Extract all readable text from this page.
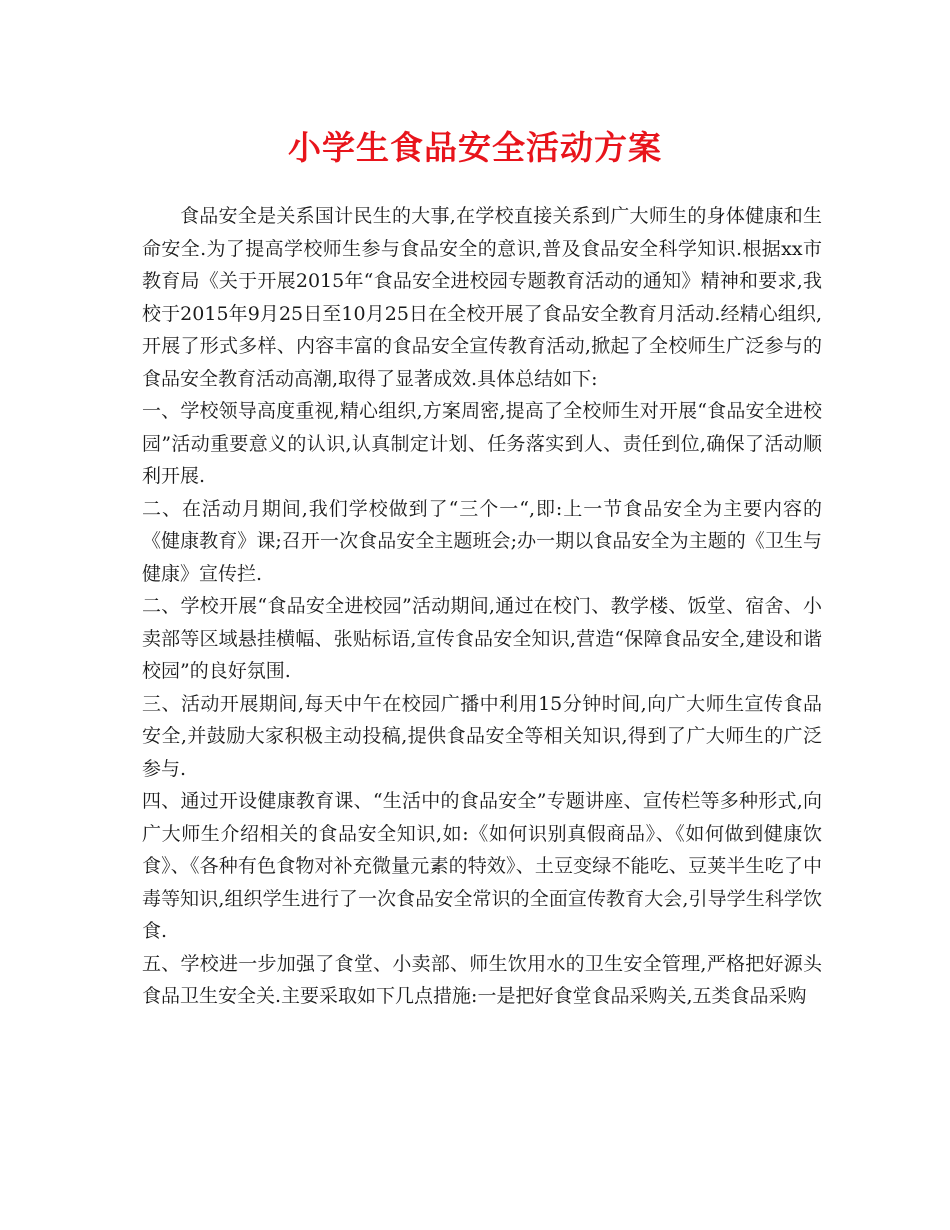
小学生食品安全活动方案

食品安全是关系国计民生的大事,在学校直接关系到广大师生的身体健康和生命安全.为了提高学校师生参与食品安全的意识,普及食品安全科学知识.根据xx市教育局《关于开展2015年“食品安全进校园专题教育活动的通知》精神和要求,我校于2015年9月25日至10月25日在全校开展了食品安全教育月活动.经精心组织,开展了形式多样、内容丰富的食品安全宣传教育活动,掀起了全校师生广泛参与的食品安全教育活动高潮,取得了显著成效.具体总结如下:

一、学校领导高度重视,精心组织,方案周密,提高了全校师生对开展“食品安全进校园”活动重要意义的认识,认真制定计划、任务落实到人、责任到位,确保了活动顺利开展.

二、在活动月期间,我们学校做到了“三个一“,即:上一节食品安全为主要内容的《健康教育》课;召开一次食品安全主题班会;办一期以食品安全为主题的《卫生与健康》宣传拦.

二、学校开展“食品安全进校园”活动期间,通过在校门、教学楼、饭堂、宿舍、小卖部等区域悬挂横幅、张贴标语,宣传食品安全知识,营造“保障食品安全,建设和谐校园”的良好氛围.

三、活动开展期间,每天中午在校园广播中利用15分钟时间,向广大师生宣传食品安全,并鼓励大家积极主动投稿,提供食品安全等相关知识,得到了广大师生的广泛参与.

四、通过开设健康教育课、“生活中的食品安全”专题讲座、宣传栏等多种形式,向广大师生介绍相关的食品安全知识,如:《如何识别真假商品》、《如何做到健康饮食》、《各种有色食物对补充微量元素的特效》、土豆变绿不能吃、豆荚半生吃了中毒等知识,组织学生进行了一次食品安全常识的全面宣传教育大会,引导学生科学饮食.

五、学校进一步加强了食堂、小卖部、师生饮用水的卫生安全管理,严格把好源头食品卫生安全关.主要采取如下几点措施:一是把好食堂食品采购关,五类食品采购
